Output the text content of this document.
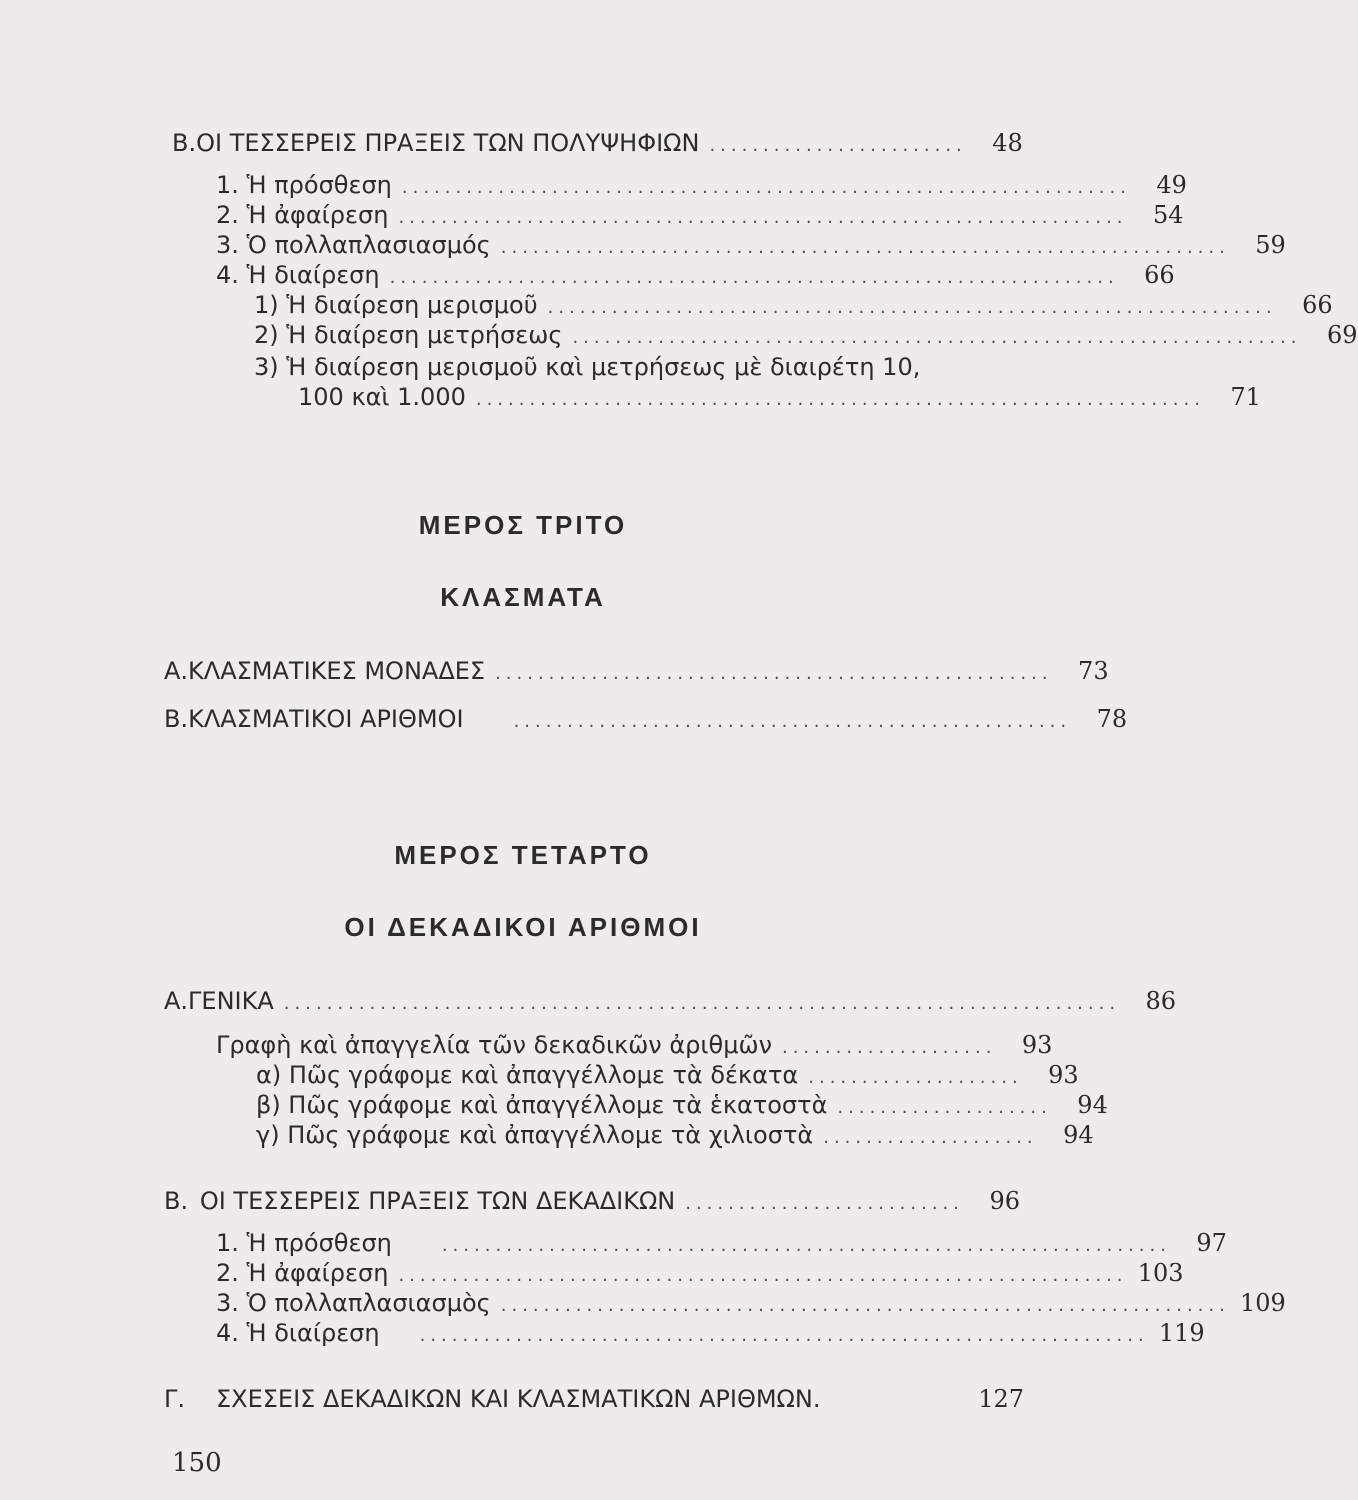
Β. ΟΙ ΤΕΣΣΕΡΕΙΣ ΠΡΑΞΕΙΣ ΤΩΝ ΠΟΛΥΨΗΦΙΩΝ ........................	48
1. Ἡ πρόσθεση ....................................................................	49
2. Ἡ ἀφαίρεση ....................................................................	54
3. Ὁ πολλαπλασιασμός ....................................................................	59
4. Ἡ διαίρεση ....................................................................	66
1) Ἡ διαίρεση μερισμοῦ ....................................................................	66
2) Ἡ διαίρεση μετρήσεως ....................................................................	69
3) Ἡ διαίρεση μερισμοῦ καὶ μετρήσεως μὲ διαιρέτη 10,
100 καὶ 1.000 ....................................................................	71
ΜΕΡΟΣ ΤΡΙΤΟ
ΚΛΑΣΜΑΤΑ
Α. ΚΛΑΣΜΑΤΙΚΕΣ ΜΟΝΑΔΕΣ ....................................................	73
Β. ΚΛΑΣΜΑΤΙΚΟΙ ΑΡΙΘΜΟΙ	....................................................	78
ΜΕΡΟΣ ΤΕΤΑΡΤΟ
ΟΙ ΔΕΚΑΔΙΚΟΙ ΑΡΙΘΜΟΙ
Α. ΓΕΝΙΚΑ ..............................................................................	86
Γραφὴ καὶ ἀπαγγελία τῶν δεκαδικῶν ἀριθμῶν ....................	93
α) Πῶς γράφομε καὶ ἀπαγγέλλομε τὰ δέκατα ....................	93
β) Πῶς γράφομε καὶ ἀπαγγέλλομε τὰ ἑκατοστὰ ....................	94
γ) Πῶς γράφομε καὶ ἀπαγγέλλομε τὰ χιλιοστὰ ....................	94
Β. ΟΙ ΤΕΣΣΕΡΕΙΣ ΠΡΑΞΕΙΣ ΤΩΝ ΔΕΚΑΔΙΚΩΝ ..........................	96
1. Ἡ πρόσθεση	....................................................................	97
2. Ἡ ἀφαίρεση .................................................................... 103
3. Ὁ πολλαπλασιασμὸς .................................................................... 109
4. Ἡ διαίρεση .................................................................... 119
Γ.	ΣΧΕΣΕΙΣ ΔΕΚΑΔΙΚΩΝ ΚΑΙ ΚΛΑΣΜΑΤΙΚΩΝ ΑΡΙΘΜΩΝ.	127
150
